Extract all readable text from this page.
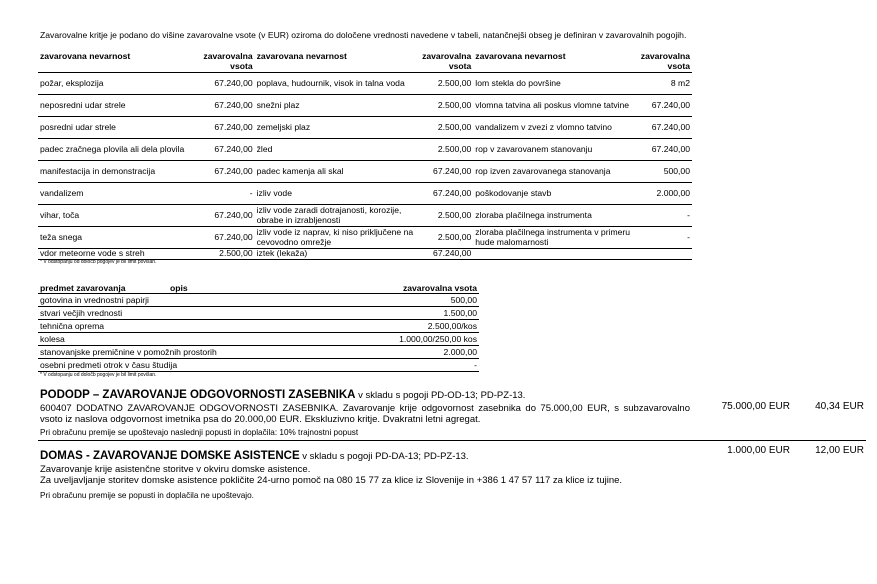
Zavarovalne kritje je podano do višine zavarovalne vsote (v EUR) oziroma do določene vrednosti navedene v tabeli, natančnejši obseg je definiran v zavarovalnih pogojih.
zavarovana nevarnost	zavarovalna vsota	zavarovana nevarnost	zavarovalna vsota	zavarovana nevarnost	zavarovalna vsota
požar, eksplozija	67.240,00	poplava, hudournik, visok in talna voda	2.500,00	lom stekla do površine	8 m2
neposredni udar strele	67.240,00	snežni plaz	2.500,00	vlomna tatvina ali poskus vlomne tatvine	67.240,00
posredni udar strele	67.240,00	zemeljski plaz	2.500,00	vandalizem v zvezi z vlomno tatvino	67.240,00
padec zračnega plovila ali dela plovila	67.240,00	žled	2.500,00	rop v zavarovanem stanovanju	67.240,00
manifestacija in demonstracija	67.240,00	padec kamenja ali skal	67.240,00	rop izven zavarovanega stanovanja	500,00
vandalizem	-	izliv vode	67.240,00	poškodovanje stavb	2.000,00
vihar, toča	67.240,00	izliv vode zaradi dotrajanosti, korozije, obrabe in izrabljenosti	2.500,00	zloraba plačilnega instrumenta	-
teža snega	67.240,00	izliv vode iz naprav, ki niso priključene na cevovodno omrežje	2.500,00	zloraba plačilnega instrumenta v primeru hude malomarnosti	-
vdor meteorne vode s streh	2.500,00	iztek (lekaža)	67.240,00		
* V odstopanju od določb pogojev je bil limit povišan.
predmet zavarovanja	opis	zavarovalna vsota
gotovina in vrednostni papirji		500,00
stvari večjih vrednosti		1.500,00
tehnična oprema		2.500,00/kos
kolesa		1.000,00/250,00 kos
stanovanjske premičnine v pomožnih prostorih		2.000,00
osebni predmeti otrok v času študija		-
* V odstopanju od določb pogojev je bil limit povišan.
PODODP – ZAVAROVANJE ODGOVORNOSTI ZASEBNIKA v skladu s pogoji PD-OD-13; PD-PZ-13.
600407 DODATNO ZAVAROVANJE ODGOVORNOSTI ZASEBNIKA. Zavarovanje krije odgovornost zasebnika do 75.000,00 EUR, s subzavarovalno vsoto iz naslova odgovornost imetnika psa do 20.000,00 EUR. Ekskluzivno kritje. Dvakratni letni agregat.
Pri obračunu premije se upoštevajo naslednji popusti in doplačila: 10% trajnostni popust
75.000,00 EUR	40,34 EUR
DOMAS - ZAVAROVANJE DOMSKE ASISTENCE v skladu s pogoji PD-DA-13; PD-PZ-13.
Zavarovanje krije asistenčne storitve v okviru domske asistence.
Za uveljavljanje storitev domske asistence pokličite 24-urno pomoč na 080 15 77 za klice iz Slovenije in +386 1 47 57 117 za klice iz tujine.
Pri obračunu premije se popusti in doplačila ne upoštevajo.
1.000,00 EUR	12,00 EUR
